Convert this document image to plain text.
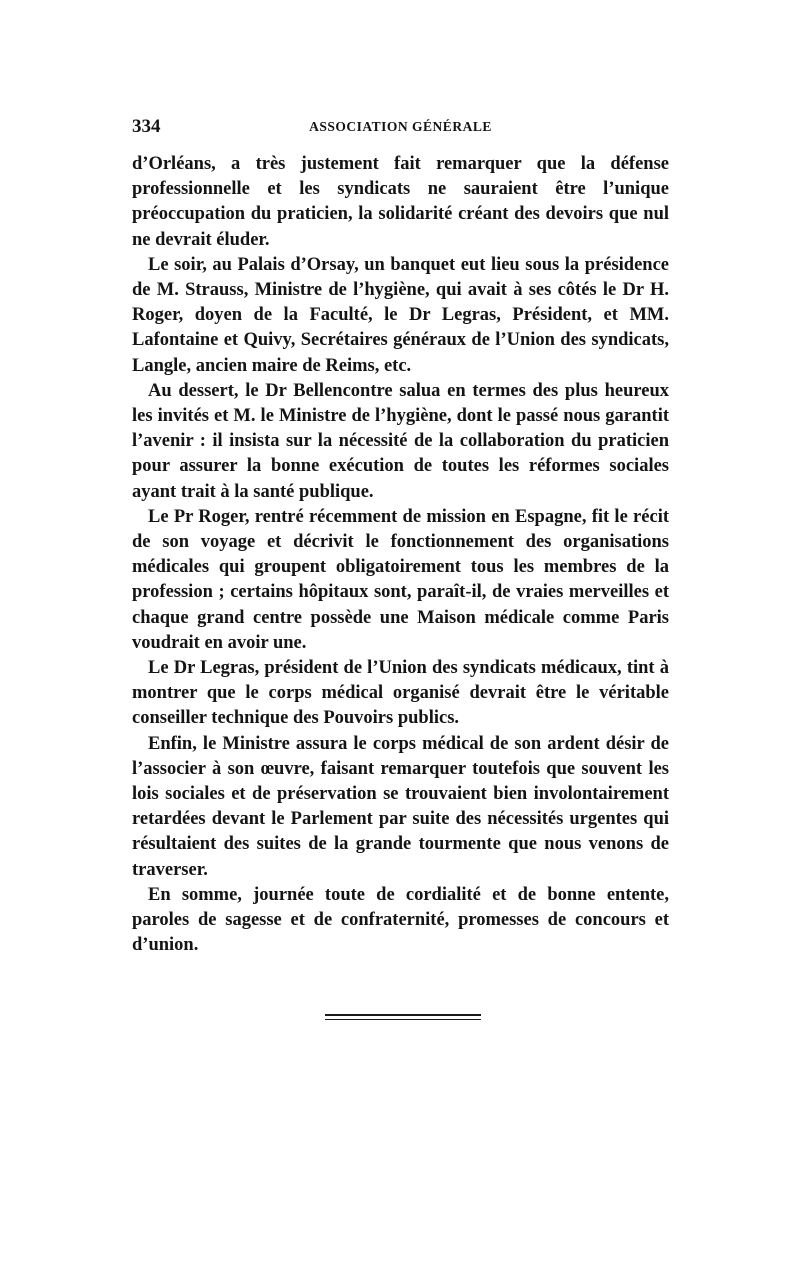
334	ASSOCIATION GÉNÉRALE

d’Orléans, a très justement fait remarquer que la défense professionnelle et les syndicats ne sauraient être l’unique préoccupation du praticien, la solidarité créant des devoirs que nul ne devrait éluder.

Le soir, au Palais d’Orsay, un banquet eut lieu sous la présidence de M. Strauss, Ministre de l’hygiène, qui avait à ses côtés le Dr H. Roger, doyen de la Faculté, le Dr Legras, Président, et MM. Lafontaine et Quivy, Secrétaires généraux de l’Union des syndicats, Langle, ancien maire de Reims, etc.

Au dessert, le Dr Bellencontre salua en termes des plus heureux les invités et M. le Ministre de l’hygiène, dont le passé nous garantit l’avenir : il insista sur la nécessité de la collaboration du praticien pour assurer la bonne exécution de toutes les réformes sociales ayant trait à la santé publique.

Le Pr Roger, rentré récemment de mission en Espagne, fit le récit de son voyage et décrivit le fonctionnement des organisations médicales qui groupent obligatoirement tous les membres de la profession ; certains hôpitaux sont, paraît-il, de vraies merveilles et chaque grand centre possède une Maison médicale comme Paris voudrait en avoir une.

Le Dr Legras, président de l’Union des syndicats médicaux, tint à montrer que le corps médical organisé devrait être le véritable conseiller technique des Pouvoirs publics.

Enfin, le Ministre assura le corps médical de son ardent désir de l’associer à son œuvre, faisant remarquer toutefois que souvent les lois sociales et de préservation se trouvaient bien involontairement retardées devant le Parlement par suite des nécessités urgentes qui résultaient des suites de la grande tourmente que nous venons de traverser.

En somme, journée toute de cordialité et de bonne entente, paroles de sagesse et de confraternité, promesses de concours et d’union.
